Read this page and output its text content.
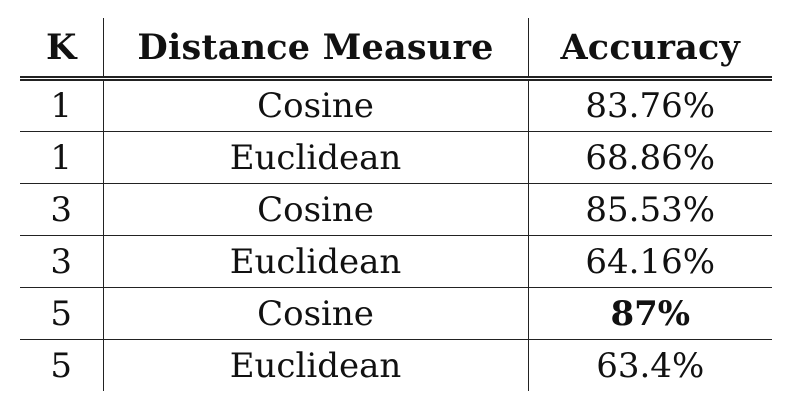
K	Distance Measure	Accuracy
1	Cosine	83.76%
1	Euclidean	68.86%
3	Cosine	85.53%
3	Euclidean	64.16%
5	Cosine	87%
5	Euclidean	63.4%
